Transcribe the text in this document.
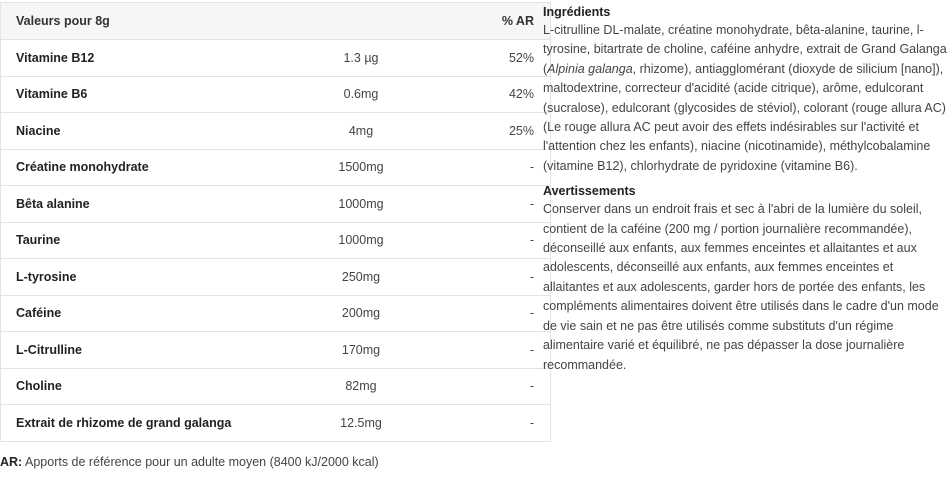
Valeurs pour 8g		% AR
Vitamine B12	1.3 µg	52%
Vitamine B6	0.6mg	42%
Niacine	4mg	25%
Créatine monohydrate	1500mg	-
Bêta alanine	1000mg	-
Taurine	1000mg	-
L-tyrosine	250mg	-
Caféine	200mg	-
L-Citrulline	170mg	-
Choline	82mg	-
Extrait de rhizome de grand galanga	12.5mg	-
AR: Apports de référence pour un adulte moyen (8400 kJ/2000 kcal)
Ingrédients

L-citrulline DL-malate, créatine monohydrate, bêta-alanine, taurine, l-tyrosine, bitartrate de choline, caféine anhydre, extrait de Grand Galanga (Alpinia galanga, rhizome), antiagglomérant (dioxyde de silicium [nano]), maltodextrine, correcteur d'acidité (acide citrique), arôme, edulcorant (sucralose), edulcorant (glycosides de stéviol), colorant (rouge allura AC)(Le rouge allura AC peut avoir des effets indésirables sur l'activité et l'attention chez les enfants), niacine (nicotinamide), méthylcobalamine (vitamine B12), chlorhydrate de pyridoxine (vitamine B6).

Avertissements

Conserver dans un endroit frais et sec à l'abri de la lumière du soleil, contient de la caféine (200 mg / portion journalière recommandée), déconseillé aux enfants, aux femmes enceintes et allaitantes et aux adolescents, déconseillé aux enfants, aux femmes enceintes et allaitantes et aux adolescents, garder hors de portée des enfants, les compléments alimentaires doivent être utilisés dans le cadre d'un mode de vie sain et ne pas être utilisés comme substituts d'un régime alimentaire varié et équilibré, ne pas dépasser la dose journalière recommandée.
